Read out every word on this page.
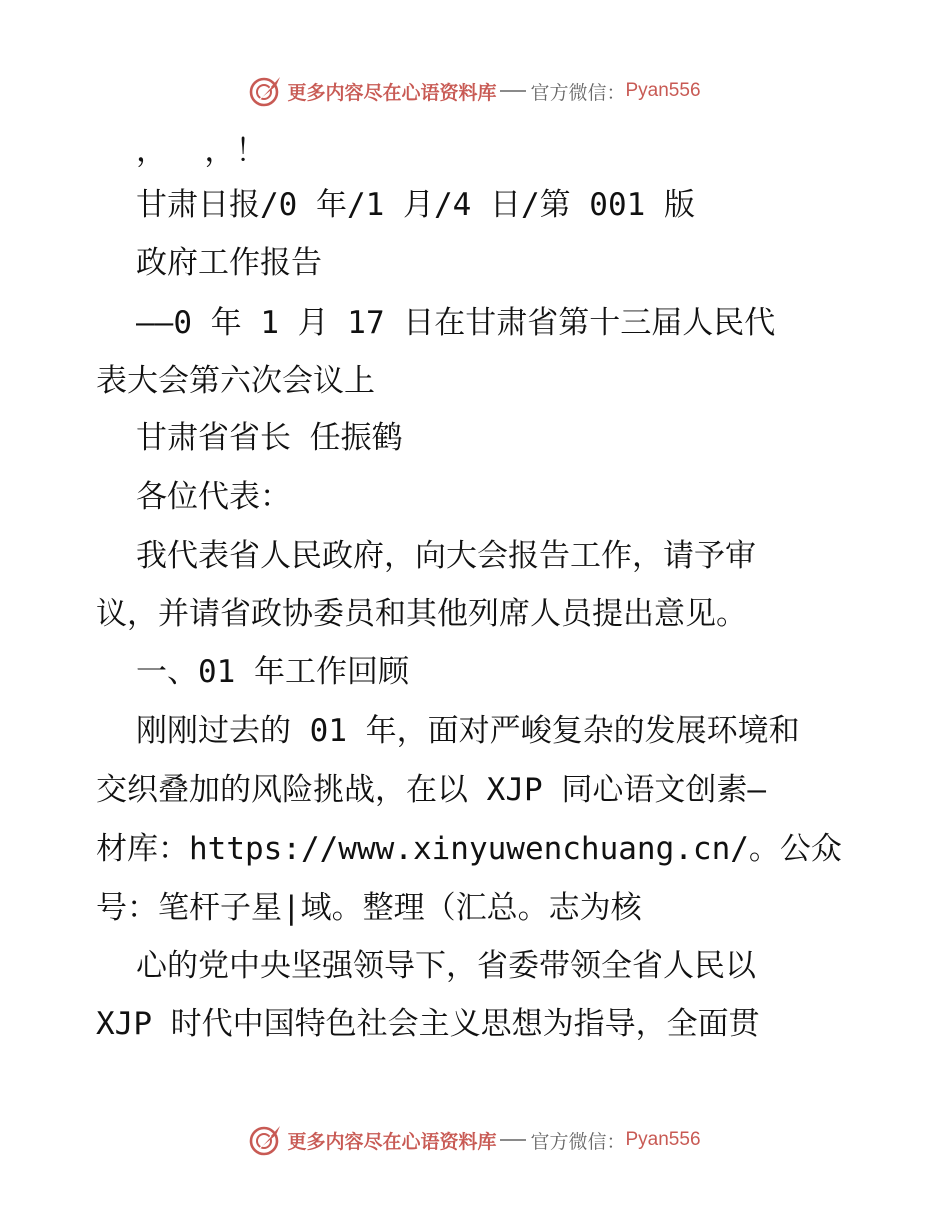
更多内容尽在心语资料库 官方微信： Pyan556
，  ，！
甘肃日报/0 年/1 月/4 日/第 001 版
政府工作报告
——0 年 1 月 17 日在甘肃省第十三届人民代
表大会第六次会议上
甘肃省省长 任振鹤
各位代表：
我代表省人民政府，向大会报告工作，请予审
议，并请省政协委员和其他列席人员提出意见。
一、01 年工作回顾
刚刚过去的 01 年，面对严峻复杂的发展环境和
交织叠加的风险挑战，在以 XJP 同心语文创素—
材库：https://www.xinyuwenchuang.cn/。公众
号：笔杆子星|域。整理（汇总。志为核
心的党中央坚强领导下，省委带领全省人民以
XJP 时代中国特色社会主义思想为指导，全面贯
更多内容尽在心语资料库 官方微信： Pyan556
